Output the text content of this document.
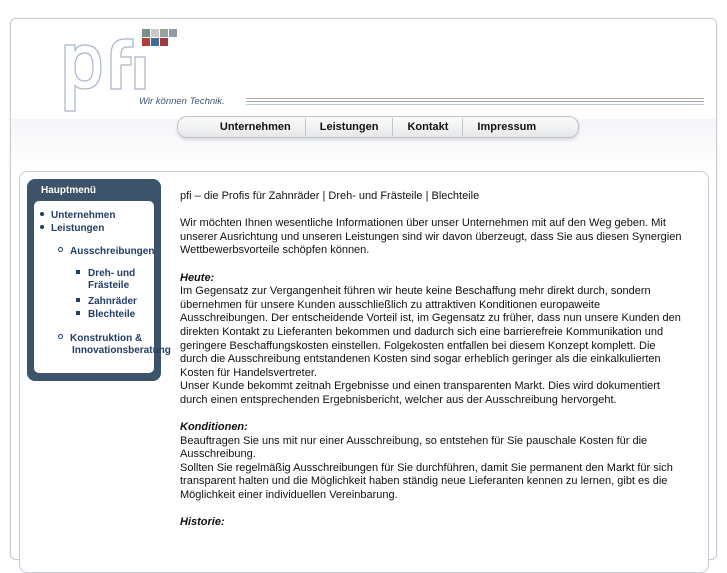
Wir können Technik.
Unternehmen	Leistungen	Kontakt	Impressum
Hauptmenü
Unternehmen
Leistungen
Ausschreibungen
Dreh- und
Frästeile
Zahnräder
Blechteile
Konstruktion &
Innovationsberatung

pfi – die Profis für Zahnräder | Dreh- und Frästeile | Blechteile

Wir möchten Ihnen wesentliche Informationen über unser Unternehmen mit auf den Weg geben. Mit unserer Ausrichtung und unseren Leistungen sind wir davon überzeugt, dass Sie aus diesen Synergien Wettbewerbsvorteile schöpfen können.

Heute:
Im Gegensatz zur Vergangenheit führen wir heute keine Beschaffung mehr direkt durch, sondern übernehmen für unsere Kunden ausschließlich zu attraktiven Konditionen europaweite Ausschreibungen. Der entscheidende Vorteil ist, im Gegensatz zu früher, dass nun unsere Kunden den direkten Kontakt zu Lieferanten bekommen und dadurch sich eine barrierefreie Kommunikation und geringere Beschaffungskosten einstellen. Folgekosten entfallen bei diesem Konzept komplett. Die durch die Ausschreibung entstandenen Kosten sind sogar erheblich geringer als die einkalkulierten Kosten für Handelsvertreter.

Unser Kunde bekommt zeitnah Ergebnisse und einen transparenten Markt. Dies wird dokumentiert durch einen entsprechenden Ergebnisbericht, welcher aus der Ausschreibung hervorgeht.

Konditionen:
Beauftragen Sie uns mit nur einer Ausschreibung, so entstehen für Sie pauschale Kosten für die Ausschreibung.

Sollten Sie regelmäßig Ausschreibungen für Sie durchführen, damit Sie permanent den Markt für sich transparent halten und die Möglichkeit haben ständig neue Lieferanten kennen zu lernen, gibt es die Möglichkeit einer individuellen Vereinbarung.

Historie:
